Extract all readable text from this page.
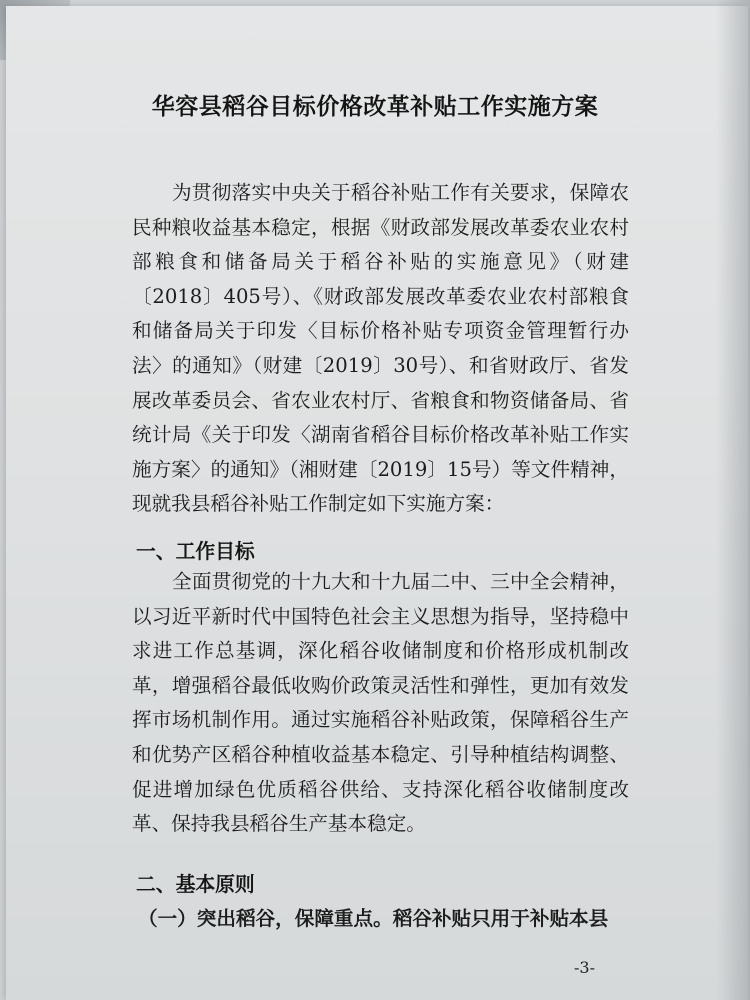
华容县稻谷目标价格改革补贴工作实施方案

为贯彻落实中央关于稻谷补贴工作有关要求，保障农民种粮收益基本稳定，根据《财政部发展改革委农业农村部粮食和储备局关于稻谷补贴的实施意见》（财建〔2018〕405号）、《财政部发展改革委农业农村部粮食和储备局关于印发〈目标价格补贴专项资金管理暂行办法〉的通知》（财建〔2019〕30号）、和省财政厅、省发展改革委员会、省农业农村厅、省粮食和物资储备局、省统计局《关于印发〈湖南省稻谷目标价格改革补贴工作实施方案〉的通知》（湘财建〔2019〕15号）等文件精神，现就我县稻谷补贴工作制定如下实施方案：

一、工作目标

全面贯彻党的十九大和十九届二中、三中全会精神，以习近平新时代中国特色社会主义思想为指导，坚持稳中求进工作总基调，深化稻谷收储制度和价格形成机制改革，增强稻谷最低收购价政策灵活性和弹性，更加有效发挥市场机制作用。通过实施稻谷补贴政策，保障稻谷生产和优势产区稻谷种植收益基本稳定、引导种植结构调整、促进增加绿色优质稻谷供给、支持深化稻谷收储制度改革、保持我县稻谷生产基本稳定。

二、基本原则

（一）突出稻谷，保障重点。稻谷补贴只用于补贴本县

-3-
